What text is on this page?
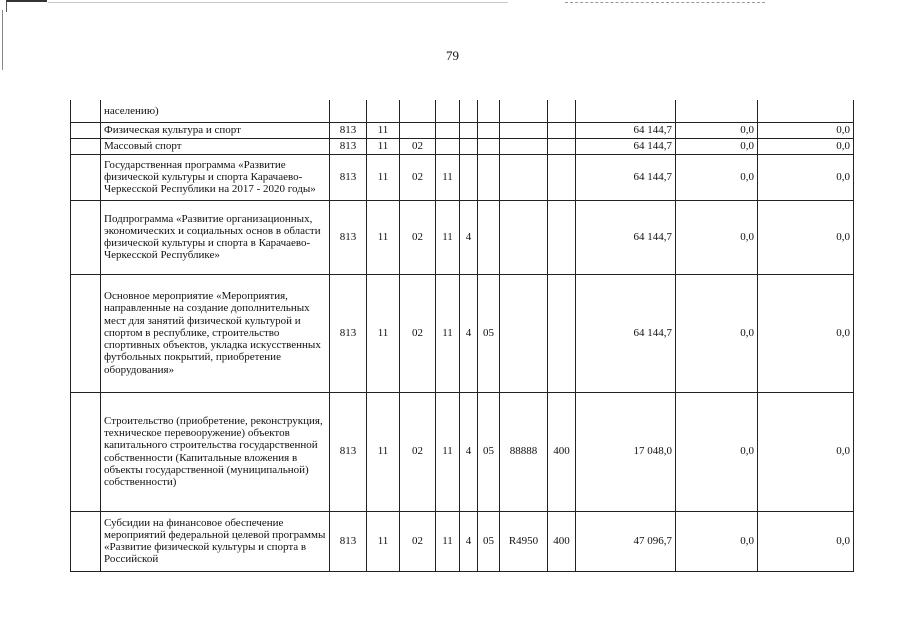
79
	населению)											
	Физическая культура и спорт	813	11							64 144,7	0,0	0,0
	Массовый спорт	813	11	02						64 144,7	0,0	0,0
	Государственная программа «Развитие физической культуры и спорта Карачаево-Черкесской Республики на 2017 - 2020 годы»	813	11	02	11					64 144,7	0,0	0,0
	Подпрограмма «Развитие организационных, экономических и социальных основ в области физической культуры и спорта в Карачаево-Черкесской Республике»	813	11	02	11	4				64 144,7	0,0	0,0
	Основное мероприятие «Мероприятия, направленные на создание дополнительных мест для занятий физической культурой и спортом в республике, строительство спортивных объектов, укладка искусственных футбольных покрытий, приобретение оборудования»	813	11	02	11	4	05			64 144,7	0,0	0,0
	Строительство (приобретение, реконструкция, техническое перевооружение) объектов капитального строительства государственной собственности (Капитальные вложения в объекты государственной (муниципальной) собственности)	813	11	02	11	4	05	88888	400	17 048,0	0,0	0,0
	Субсидии на финансовое обеспечение мероприятий федеральной целевой программы «Развитие физической культуры и спорта в Российской	813	11	02	11	4	05	R4950	400	47 096,7	0,0	0,0
